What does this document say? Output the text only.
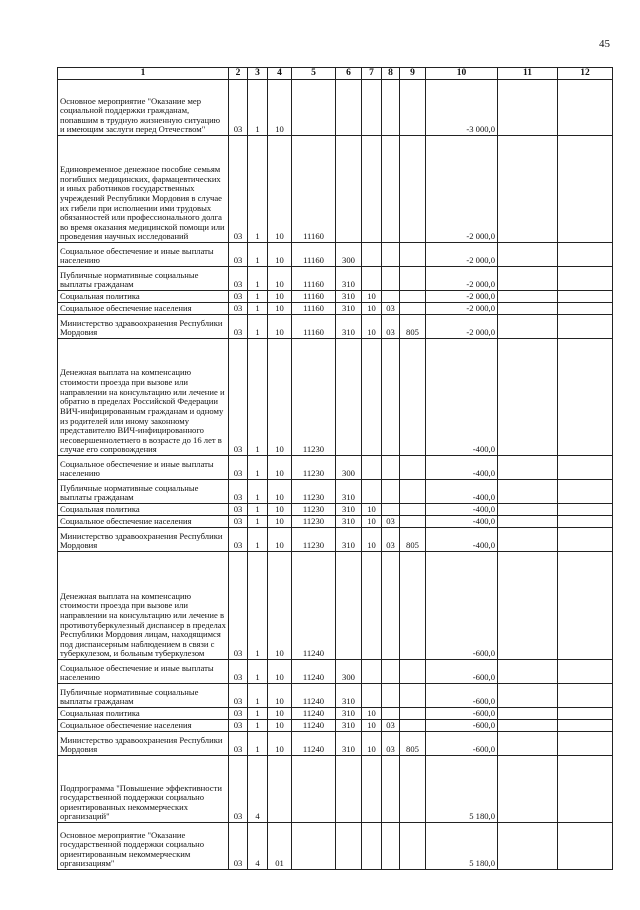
45
1	2	3	4	5	6	7	8	9	10	11	12
Основное мероприятие "Оказание мер социальной поддержки гражданам, попавшим в трудную жизненную ситуацию и имеющим заслуги перед Отечеством"	03	1	10						-3 000,0		
Единовременное денежное пособие семьям погибших медицинских, фармацевтических и иных работников государственных учреждений Республики Мордовия в случае их гибели при исполнении ими трудовых обязанностей или профессионального долга во время оказания медицинской помощи или проведения научных исследований	03	1	10	11160					-2 000,0		
Социальное обеспечение и иные выплаты населению	03	1	10	11160	300				-2 000,0		
Публичные нормативные социальные выплаты гражданам	03	1	10	11160	310				-2 000,0		
Социальная политика	03	1	10	11160	310	10			-2 000,0		
Социальное обеспечение населения	03	1	10	11160	310	10	03		-2 000,0		
Министерство здравоохранения Республики Мордовия	03	1	10	11160	310	10	03	805	-2 000,0		
Денежная выплата на компенсацию стоимости проезда при вызове или направлении на консультацию или лечение и обратно в пределах Российской Федерации ВИЧ-инфицированным гражданам и одному из родителей или иному законному представителю ВИЧ-инфицированного несовершеннолетнего в возрасте до 16 лет в случае его сопровождения	03	1	10	11230					-400,0		
Социальное обеспечение и иные выплаты населению	03	1	10	11230	300				-400,0		
Публичные нормативные социальные выплаты гражданам	03	1	10	11230	310				-400,0		
Социальная политика	03	1	10	11230	310	10			-400,0		
Социальное обеспечение населения	03	1	10	11230	310	10	03		-400,0		
Министерство здравоохранения Республики Мордовия	03	1	10	11230	310	10	03	805	-400,0		
Денежная выплата на компенсацию стоимости проезда при вызове или направлении на консультацию или лечение в противотуберкулезный диспансер в пределах Республики Мордовия лицам, находящимся под диспансерным наблюдением в связи с туберкулезом, и больным туберкулезом	03	1	10	11240					-600,0		
Социальное обеспечение и иные выплаты населению	03	1	10	11240	300				-600,0		
Публичные нормативные социальные выплаты гражданам	03	1	10	11240	310				-600,0		
Социальная политика	03	1	10	11240	310	10			-600,0		
Социальное обеспечение населения	03	1	10	11240	310	10	03		-600,0		
Министерство здравоохранения Республики Мордовия	03	1	10	11240	310	10	03	805	-600,0		
Подпрограмма "Повышение эффективности государственной поддержки социально ориентированных некоммерческих организаций"	03	4							5 180,0		
Основное мероприятие "Оказание государственной поддержки социально ориентированным некоммерческим организациям"	03	4	01						5 180,0		
